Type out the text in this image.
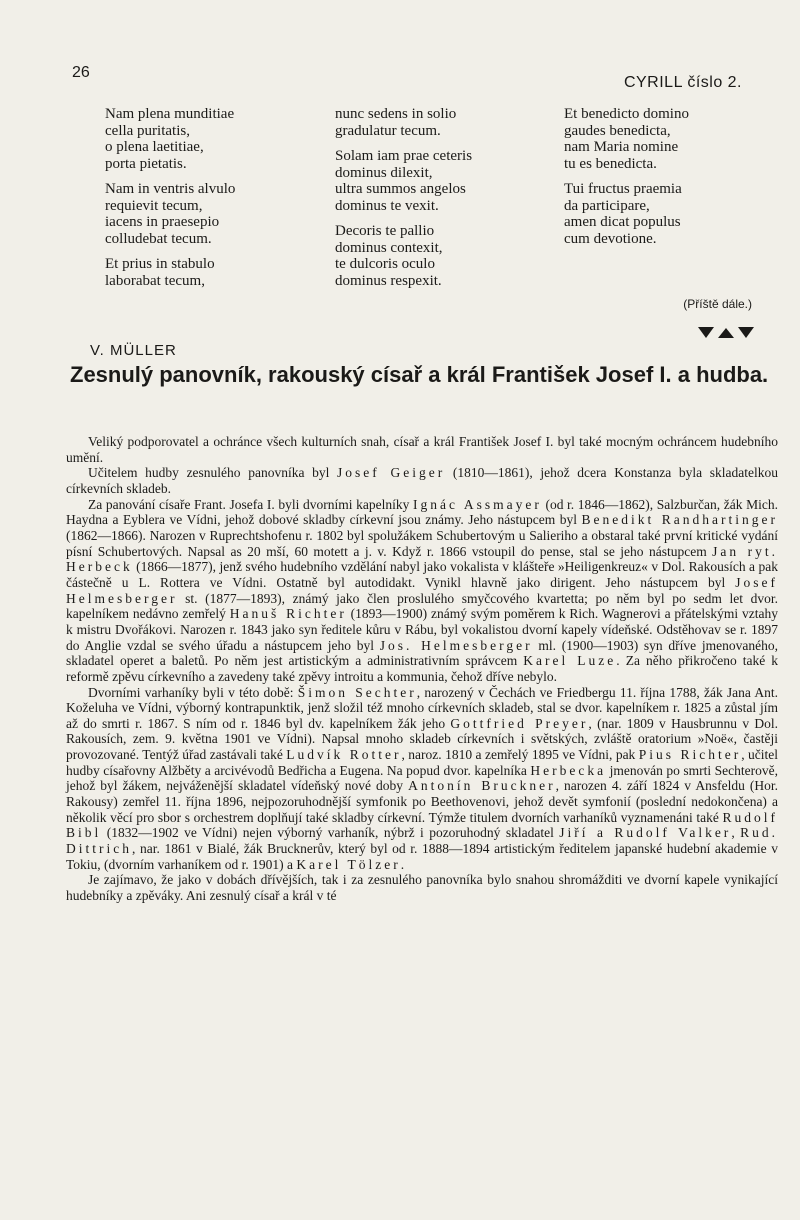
26
CYRILL číslo 2.
Nam plena munditiae
cella puritatis,
o plena laetitiae,
porta pietatis.
Nam in ventris alvulo
requievit tecum,
iacens in praesepio
colludebat tecum.
Et prius in stabulo
laborabat tecum,
nunc sedens in solio
gradulatur tecum.
Solam iam prae ceteris
dominus dilexit,
ultra summos angelos
dominus te vexit.
Decoris te pallio
dominus contexit,
te dulcoris oculo
dominus respexit.
Et benedicto domino
gaudes benedicta,
nam Maria nomine
tu es benedicta.
Tui fructus praemia
da participare,
amen dicat populus
cum devotione.
(Příště dále.)
V. MÜLLER
Zesnulý panovník, rakouský císař a král František Josef I. a hudba.

Veliký podporovatel a ochránce všech kulturních snah, císař a král František Josef I. byl také mocným ochráncem hudebního umění.

Učitelem hudby zesnulého panovníka byl Josef Geiger (1810—1861), jehož dcera Konstanza byla skladatelkou církevních skladeb.

Za panování císaře Frant. Josefa I. byli dvorními kapelníky Ignác Assmayer (od r. 1846—1862), Salzburčan, žák Mich. Haydna a Eyblera ve Vídni, jehož dobové skladby církevní jsou známy. Jeho nástupcem byl Benedikt Randhartinger (1862—1866). Narozen v Ruprechtshofenu r. 1802 byl spolužákem Schubertovým u Salieriho a obstaral také první kritické vydání písní Schubertových. Napsal as 20 mší, 60 motett a j. v. Když r. 1866 vstoupil do pense, stal se jeho nástupcem Jan ryt. Herbeck (1866—1877), jenž svého hudebního vzdělání nabyl jako vokalista v klášteře »Heiligenkreuz« v Dol. Rakousích a pak částečně u L. Rottera ve Vídni. Ostatně byl autodidakt. Vynikl hlavně jako dirigent. Jeho nástupcem byl Josef Helmesberger st. (1877—1893), známý jako člen proslulého smyčcového kvartetta; po něm byl po sedm let dvor. kapelníkem nedávno zemřelý Hanuš Richter (1893—1900) známý svým poměrem k Rich. Wagnerovi a přátelskými vztahy k mistru Dvořákovi. Narozen r. 1843 jako syn ředitele kůru v Rábu, byl vokalistou dvorní kapely vídeňské. Odstěhovav se r. 1897 do Anglie vzdal se svého úřadu a nástupcem jeho byl Jos. Helmesberger ml. (1900—1903) syn dříve jmenovaného, skladatel operet a baletů. Po něm jest artistickým a administrativním správcem Karel Luze. Za něho přikročeno také k reformě zpěvu církevního a zavedeny také zpěvy introitu a kommunia, čehož dříve nebylo.

Dvorními varhaníky byli v této době: Šimon Sechter, narozený v Čechách ve Friedbergu 11. října 1788, žák Jana Ant. Koželuha ve Vídni, výborný kontrapunktik, jenž složil též mnoho církevních skladeb, stal se dvor. kapelníkem r. 1825 a zůstal jím až do smrti r. 1867. S ním od r. 1846 byl dv. kapelníkem žák jeho Gottfried Preyer, (nar. 1809 v Hausbrunnu v Dol. Rakousích, zem. 9. května 1901 ve Vídni). Napsal mnoho skladeb církevních i světských, zvláště oratorium »Noë«, častěji provozované. Tentýž úřad zastávali také Ludvík Rotter, naroz. 1810 a zemřelý 1895 ve Vídni, pak Pius Richter, učitel hudby císařovny Alžběty a arcivévodů Bedřicha a Eugena. Na popud dvor. kapelníka Herbecka jmenován po smrti Sechterově, jehož byl žákem, nejváženější skladatel vídeňský nové doby Antonín Bruckner, narozen 4. září 1824 v Ansfeldu (Hor. Rakousy) zemřel 11. října 1896, nejpozoruhodnější symfonik po Beethovenovi, jehož devět symfonií (poslední nedokončena) a několik věcí pro sbor s orchestrem doplňují také skladby církevní. Týmže titulem dvorních varhaníků vyznamenáni také Rudolf Bibl (1832—1902 ve Vídni) nejen výborný varhaník, nýbrž i pozoruhodný skladatel Jiří a Rudolf Valker, Rud. Dittrich, nar. 1861 v Bialé, žák Brucknerův, který byl od r. 1888—1894 artistickým ředitelem japanské hudební akademie v Tokiu, (dvorním varhaníkem od r. 1901) a Karel Tölzer.

Je zajímavo, že jako v dobách dřívějších, tak i za zesnulého panovníka bylo snahou shromážditi ve dvorní kapele vynikající hudebníky a zpěváky. Ani zesnulý císař a král v té
